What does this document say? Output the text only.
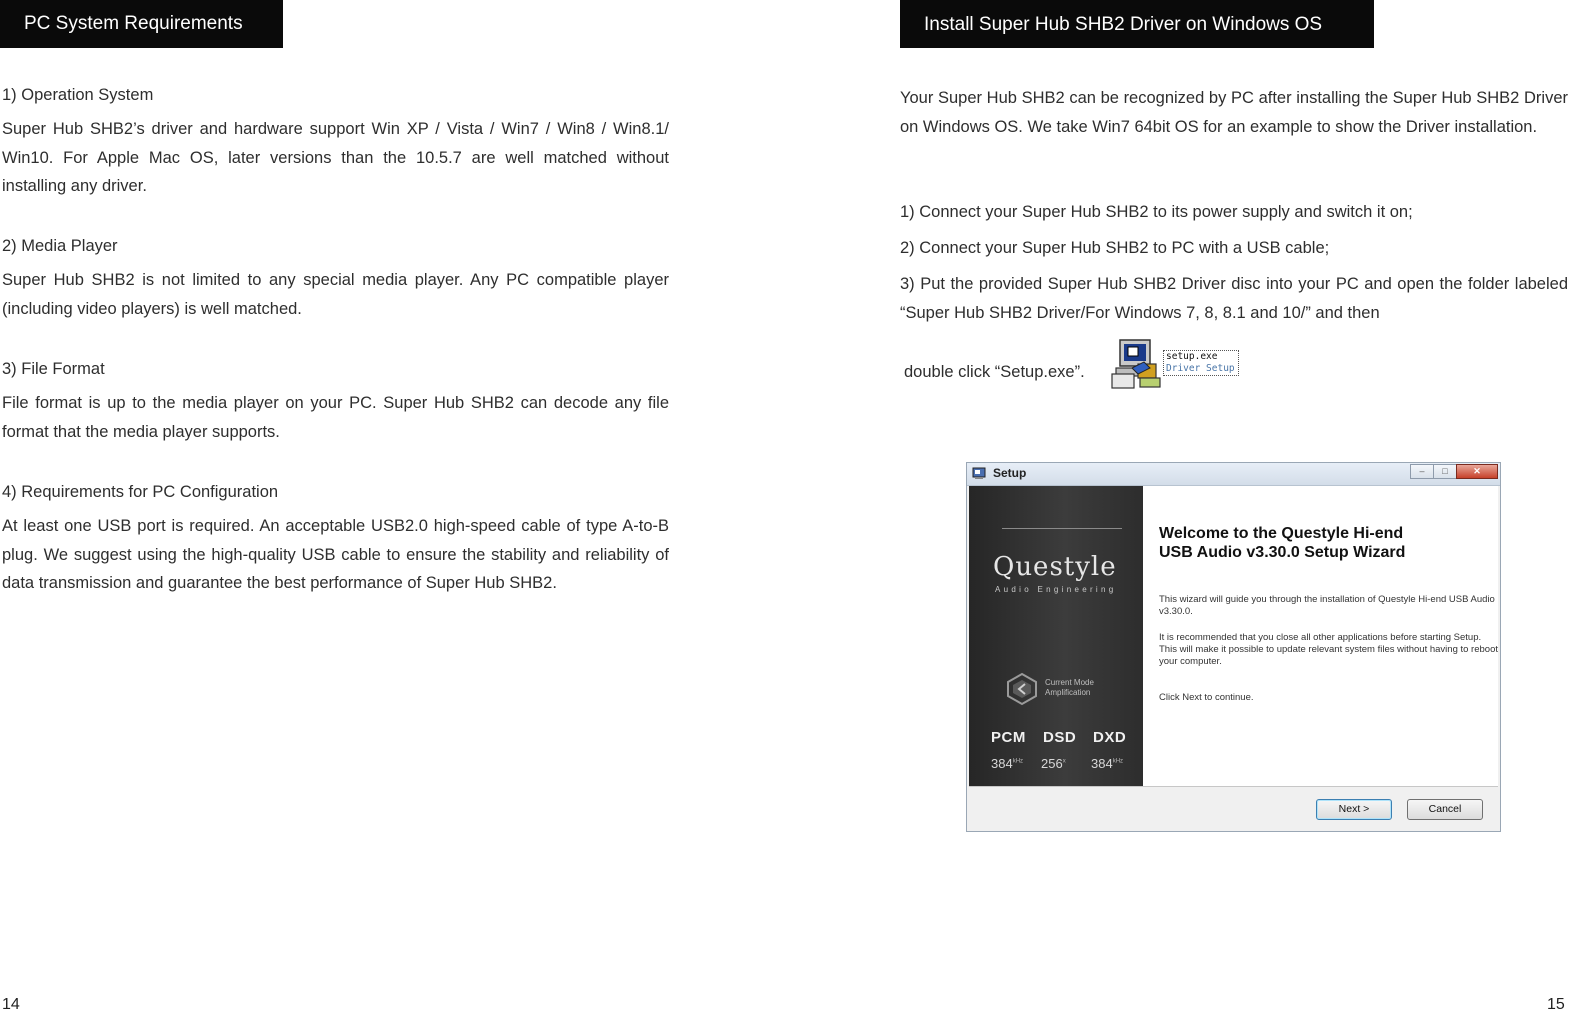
PC System Requirements

1) Operation System

Super Hub SHB2’s driver and hardware support Win XP / Vista / Win7 / Win8 / Win8.1/ Win10. For Apple Mac OS, later versions than the 10.5.7 are well matched without installing any driver.

2) Media Player

Super Hub SHB2 is not limited to any special media player. Any PC compatible player (including video players) is well matched.

3) File Format

File format is up to the media player on your PC. Super Hub SHB2 can decode any file format that the media player supports.

4) Requirements for PC Configuration

At least one USB port is required. An acceptable USB2.0 high-speed cable of type A-to-B plug. We suggest using the high-quality USB cable to ensure the stability and reliability of data transmission and guarantee the best performance of Super Hub SHB2.

14
Install Super Hub SHB2 Driver on Windows OS
Your Super Hub SHB2 can be recognized by PC after installing the Super Hub SHB2 Driver on Windows OS. We take Win7 64bit OS for an example to show the Driver installation.
1) Connect your Super Hub SHB2 to its power supply and switch it on;
2) Connect your Super Hub SHB2 to PC with a USB cable;
3) Put the provided Super Hub SHB2 Driver disc into your PC and open the folder labeled “Super Hub SHB2 Driver/For Windows 7, 8, 8.1 and 10/” and then
double click “Setup.exe”.
setup.exe
Driver Setup
Setup	–	□	✕
Questyle
Audio Engineering
Current Mode
Amplification
PCM DSD DXD
$384^{kHz}$ 256$^x$ $384^{kHz}$
Welcome to the Questyle Hi-end
USB Audio v3.30.0 Setup Wizard

This wizard will guide you through the installation of Questyle Hi-end USB Audio v3.30.0.

It is recommended that you close all other applications before starting Setup. This will make it possible to update relevant system files without having to reboot your computer.

Click Next to continue.

Next >	Cancel
15
